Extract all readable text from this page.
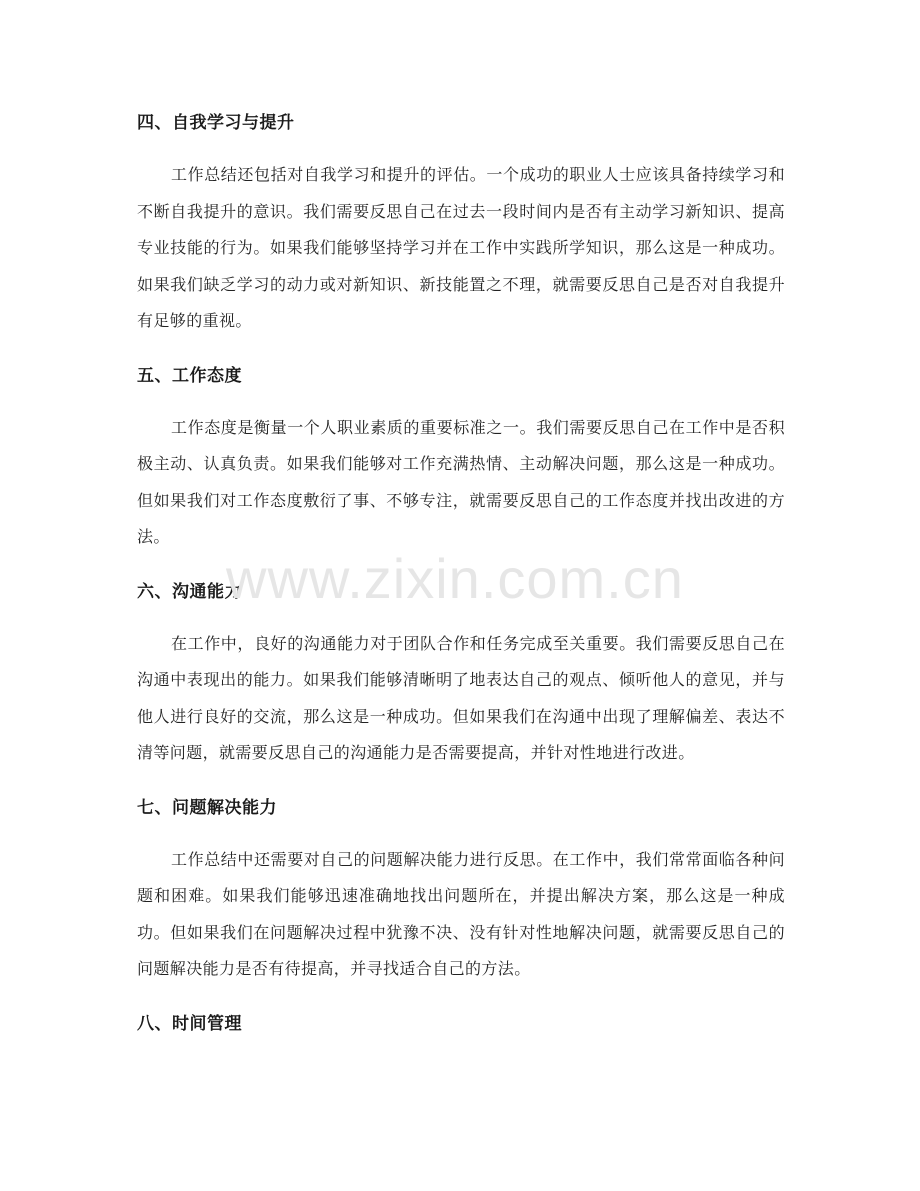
四、自我学习与提升

工作总结还包括对自我学习和提升的评估。一个成功的职业人士应该具备持续学习和不断自我提升的意识。我们需要反思自己在过去一段时间内是否有主动学习新知识、提高专业技能的行为。如果我们能够坚持学习并在工作中实践所学知识，那么这是一种成功。如果我们缺乏学习的动力或对新知识、新技能置之不理，就需要反思自己是否对自我提升有足够的重视。

五、工作态度

工作态度是衡量一个人职业素质的重要标准之一。我们需要反思自己在工作中是否积极主动、认真负责。如果我们能够对工作充满热情、主动解决问题，那么这是一种成功。但如果我们对工作态度敷衍了事、不够专注，就需要反思自己的工作态度并找出改进的方法。

六、沟通能力

在工作中，良好的沟通能力对于团队合作和任务完成至关重要。我们需要反思自己在沟通中表现出的能力。如果我们能够清晰明了地表达自己的观点、倾听他人的意见，并与他人进行良好的交流，那么这是一种成功。但如果我们在沟通中出现了理解偏差、表达不清等问题，就需要反思自己的沟通能力是否需要提高，并针对性地进行改进。

七、问题解决能力

工作总结中还需要对自己的问题解决能力进行反思。在工作中，我们常常面临各种问题和困难。如果我们能够迅速准确地找出问题所在，并提出解决方案，那么这是一种成功。但如果我们在问题解决过程中犹豫不决、没有针对性地解决问题，就需要反思自己的问题解决能力是否有待提高，并寻找适合自己的方法。

八、时间管理
www.zixin.com.cn
